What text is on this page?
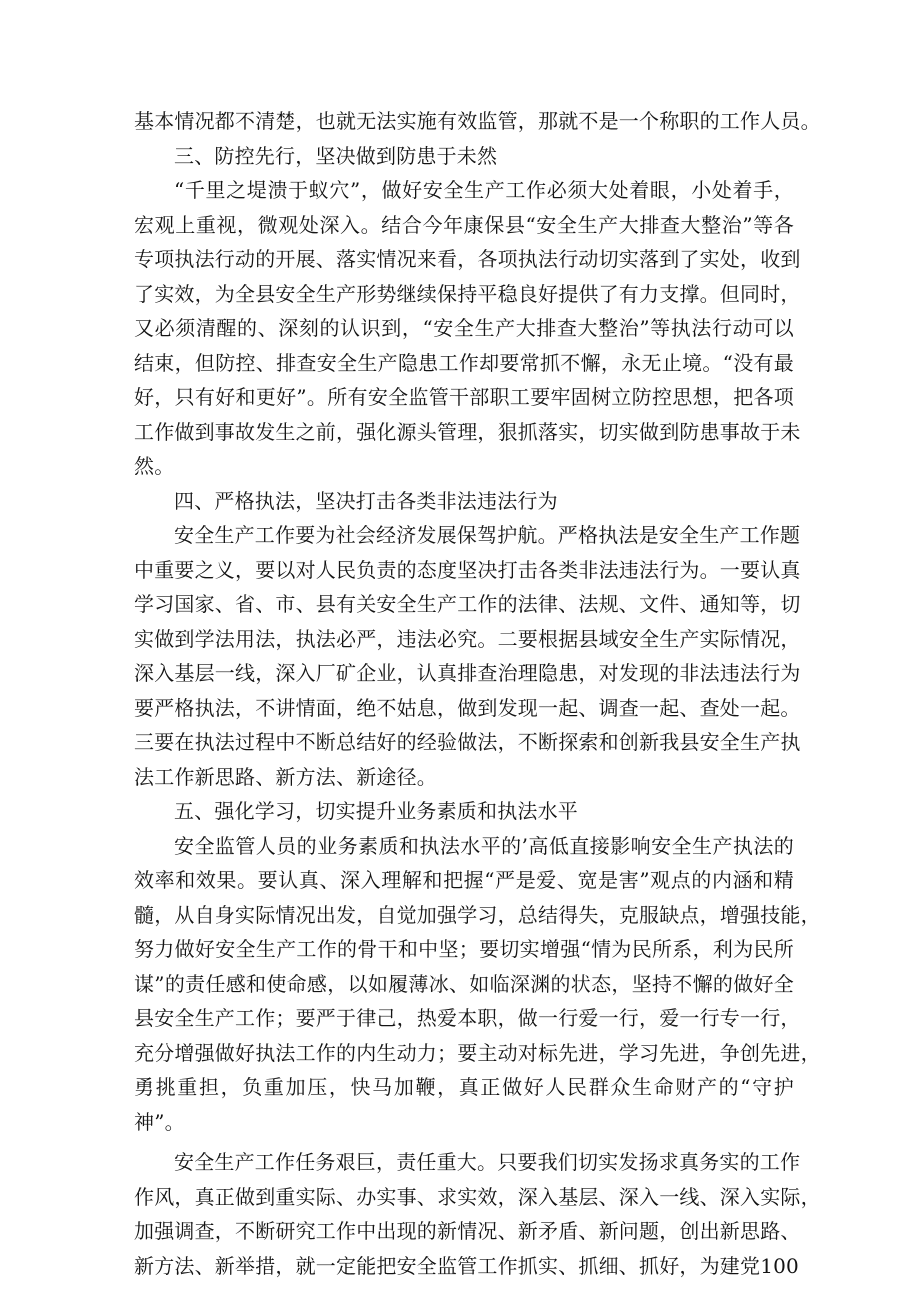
基本情况都不清楚，也就无法实施有效监管，那就不是一个称职的工作人员。
三、防控先行，坚决做到防患于未然
“千里之堤溃于蚁穴”，做好安全生产工作必须大处着眼，小处着手，
宏观上重视，微观处深入。结合今年康保县“安全生产大排查大整治”等各
专项执法行动的开展、落实情况来看，各项执法行动切实落到了实处，收到
了实效，为全县安全生产形势继续保持平稳良好提供了有力支撑。但同时，
又必须清醒的、深刻的认识到，“安全生产大排查大整治”等执法行动可以
结束，但防控、排查安全生产隐患工作却要常抓不懈，永无止境。“没有最
好，只有好和更好”。所有安全监管干部职工要牢固树立防控思想，把各项
工作做到事故发生之前，强化源头管理，狠抓落实，切实做到防患事故于未
然。
四、严格执法，坚决打击各类非法违法行为
安全生产工作要为社会经济发展保驾护航。严格执法是安全生产工作题
中重要之义，要以对人民负责的态度坚决打击各类非法违法行为。一要认真
学习国家、省、市、县有关安全生产工作的法律、法规、文件、通知等，切
实做到学法用法，执法必严，违法必究。二要根据县域安全生产实际情况，
深入基层一线，深入厂矿企业，认真排查治理隐患，对发现的非法违法行为
要严格执法，不讲情面，绝不姑息，做到发现一起、调查一起、查处一起。
三要在执法过程中不断总结好的经验做法，不断探索和创新我县安全生产执
法工作新思路、新方法、新途径。
五、强化学习，切实提升业务素质和执法水平
安全监管人员的业务素质和执法水平的’高低直接影响安全生产执法的
效率和效果。要认真、深入理解和把握“严是爱、宽是害”观点的内涵和精
髓，从自身实际情况出发，自觉加强学习，总结得失，克服缺点，增强技能，
努力做好安全生产工作的骨干和中坚；要切实增强“情为民所系，利为民所
谋”的责任感和使命感，以如履薄冰、如临深渊的状态，坚持不懈的做好全
县安全生产工作；要严于律己，热爱本职，做一行爱一行，爱一行专一行，
充分增强做好执法工作的内生动力；要主动对标先进，学习先进，争创先进，
勇挑重担，负重加压，快马加鞭，真正做好人民群众生命财产的“守护
神”。
安全生产工作任务艰巨，责任重大。只要我们切实发扬求真务实的工作
作风，真正做到重实际、办实事、求实效，深入基层、深入一线、深入实际，
加强调查，不断研究工作中出现的新情况、新矛盾、新问题，创出新思路、
新方法、新举措，就一定能把安全监管工作抓实、抓细、抓好，为建党100
